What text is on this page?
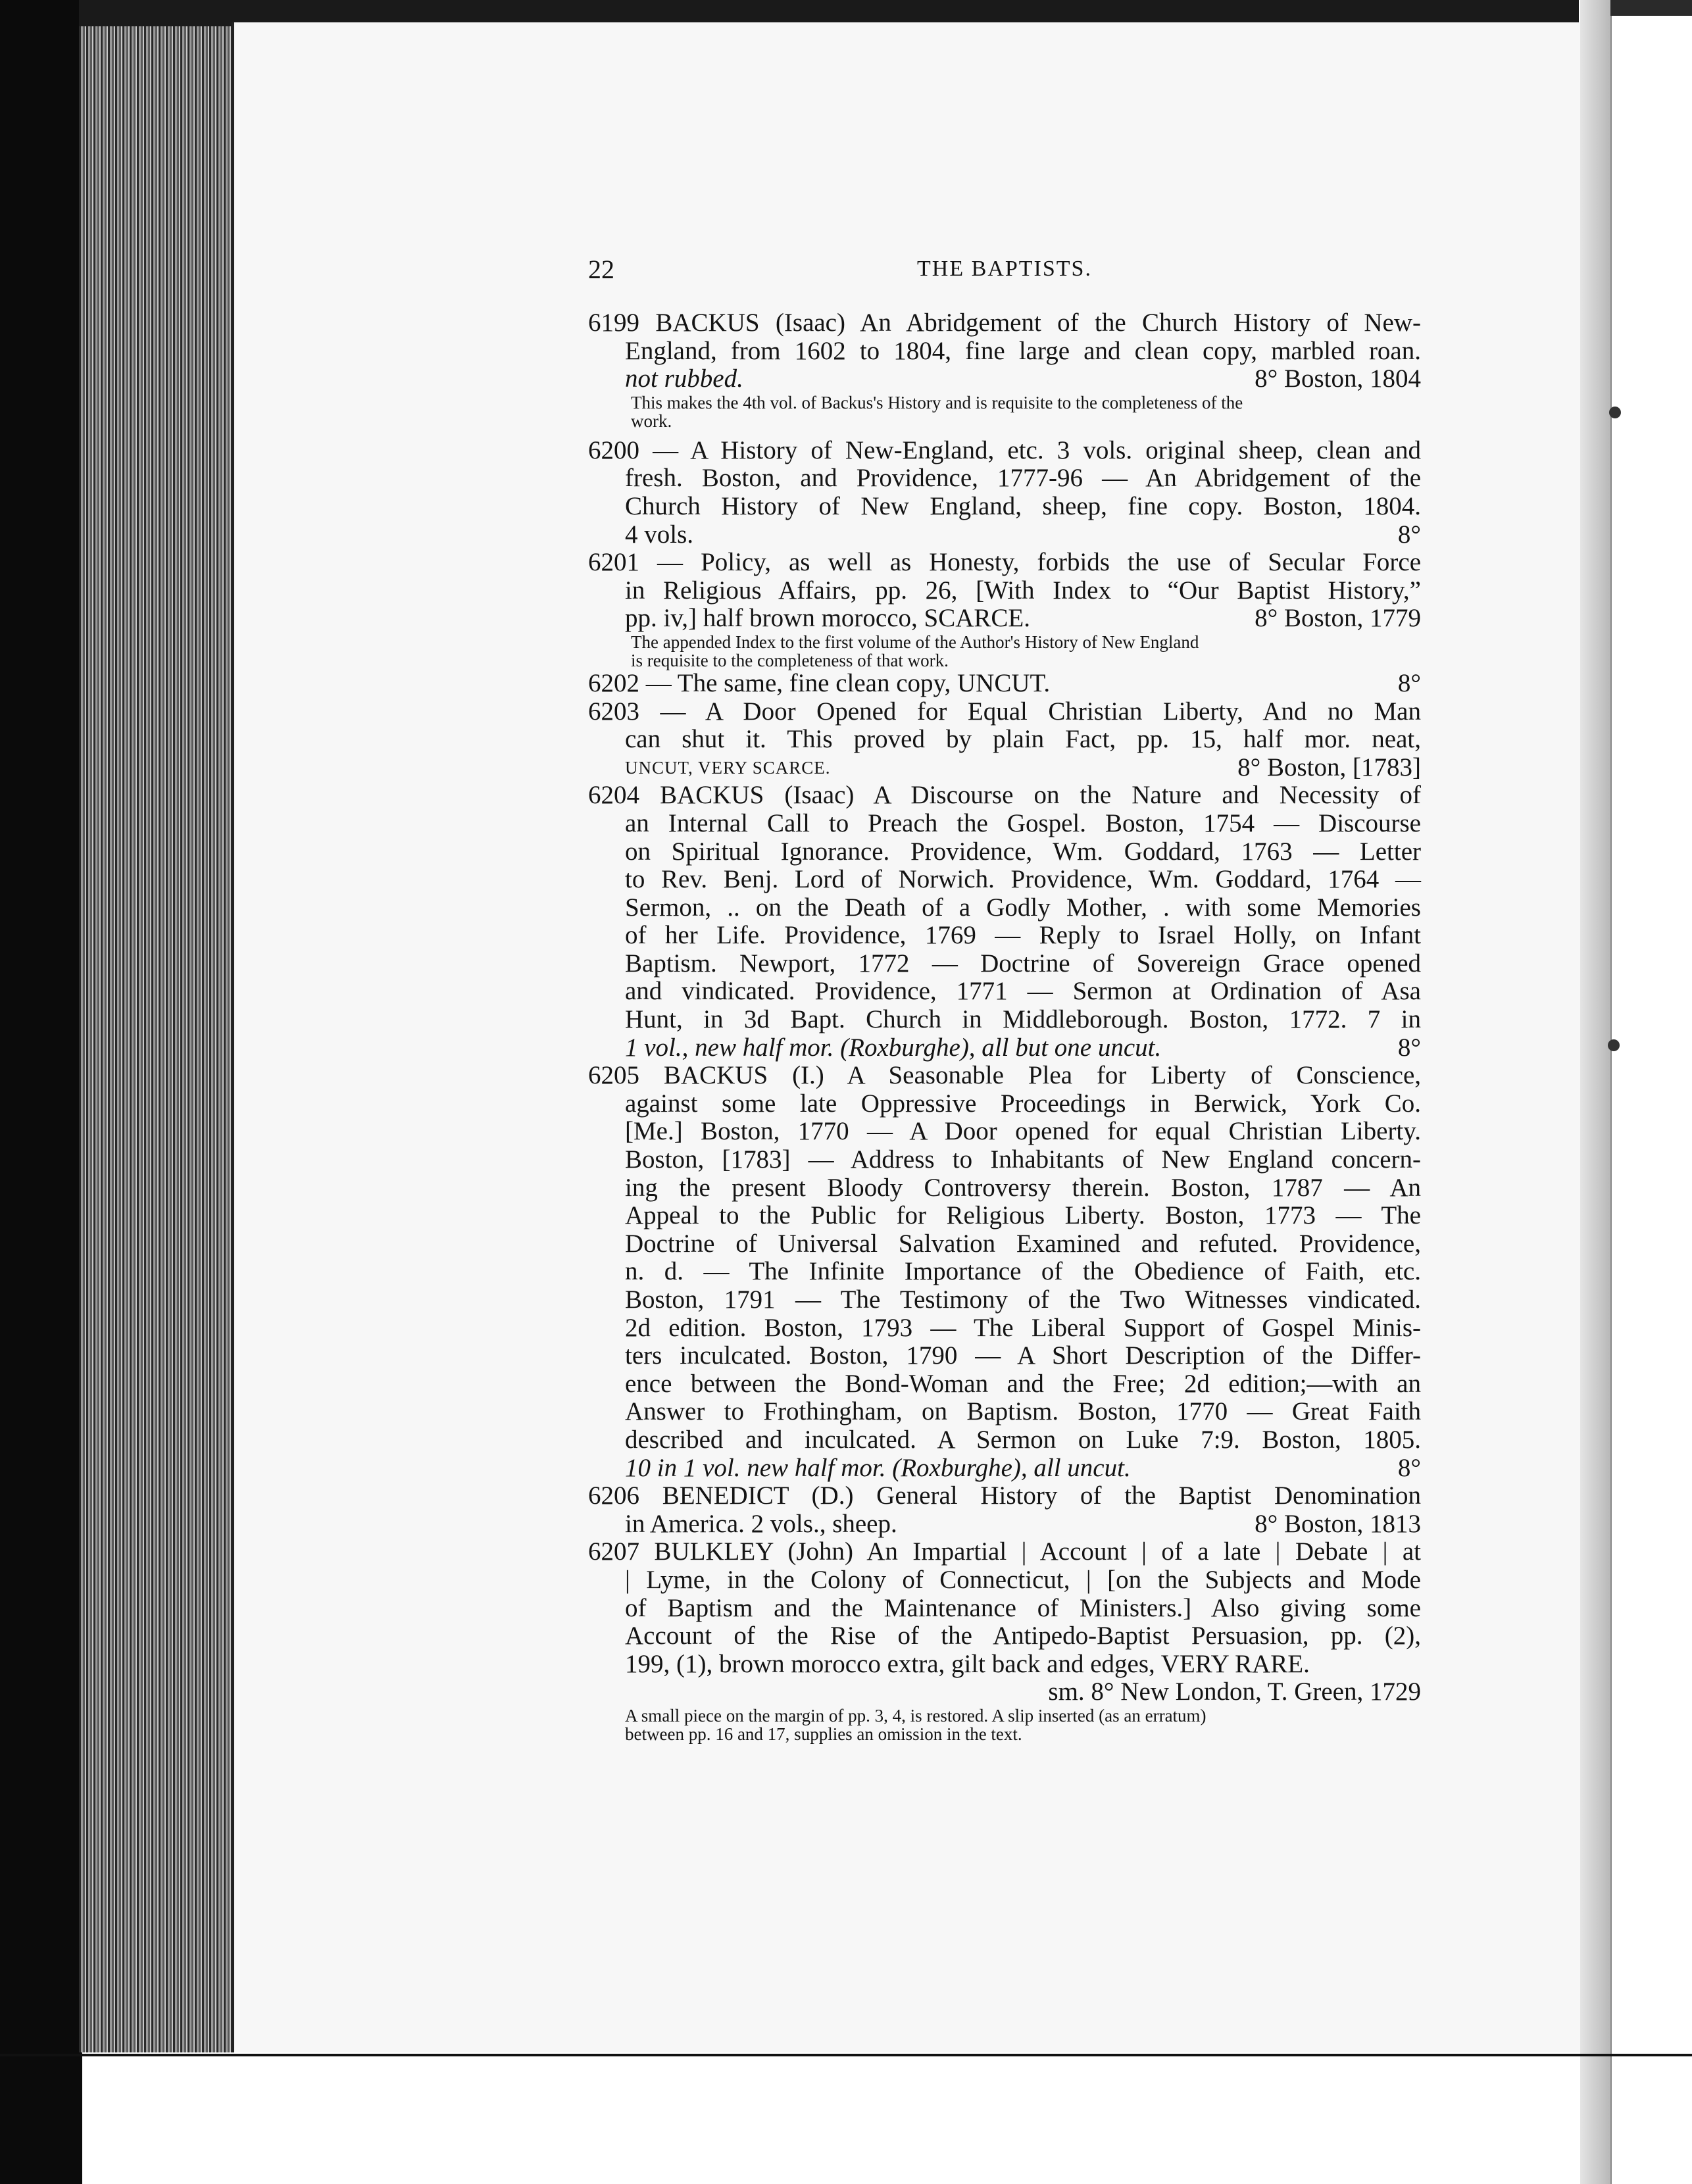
22	THE BAPTISTS.
6199 BACKUS (Isaac) An Abridgement of the Church History of New-
England, from 1602 to 1804, fine large and clean copy, marbled roan.
not rubbed.	8° Boston, 1804
This makes the 4th vol. of Backus's History and is requisite to the completeness of the
work.
6200 — A History of New-England, etc. 3 vols. original sheep, clean and
fresh. Boston, and Providence, 1777-96 — An Abridgement of the
Church History of New England, sheep, fine copy. Boston, 1804.
4 vols.	8°
6201 — Policy, as well as Honesty, forbids the use of Secular Force
in Religious Affairs, pp. 26, [With Index to “Our Baptist History,”
pp. iv,] half brown morocco, SCARCE.	8° Boston, 1779
The appended Index to the first volume of the Author's History of New England
is requisite to the completeness of that work.
6202 — The same, fine clean copy, UNCUT.	8°
6203 — A Door Opened for Equal Christian Liberty, And no Man
can shut it. This proved by plain Fact, pp. 15, half mor. neat,
UNCUT, VERY SCARCE.	8° Boston, [1783]
6204 BACKUS (Isaac) A Discourse on the Nature and Necessity of
an Internal Call to Preach the Gospel. Boston, 1754 — Discourse
on Spiritual Ignorance. Providence, Wm. Goddard, 1763 — Letter
to Rev. Benj. Lord of Norwich. Providence, Wm. Goddard, 1764 —
Sermon, .. on the Death of a Godly Mother, . with some Memories
of her Life. Providence, 1769 — Reply to Israel Holly, on Infant
Baptism. Newport, 1772 — Doctrine of Sovereign Grace opened
and vindicated. Providence, 1771 — Sermon at Ordination of Asa
Hunt, in 3d Bapt. Church in Middleborough. Boston, 1772. 7 in
1 vol., new half mor. (Roxburghe), all but one uncut.	8°
6205 BACKUS (I.) A Seasonable Plea for Liberty of Conscience,
against some late Oppressive Proceedings in Berwick, York Co.
[Me.] Boston, 1770 — A Door opened for equal Christian Liberty.
Boston, [1783] — Address to Inhabitants of New England concern-
ing the present Bloody Controversy therein. Boston, 1787 — An
Appeal to the Public for Religious Liberty. Boston, 1773 — The
Doctrine of Universal Salvation Examined and refuted. Providence,
n. d. — The Infinite Importance of the Obedience of Faith, etc.
Boston, 1791 — The Testimony of the Two Witnesses vindicated.
2d edition. Boston, 1793 — The Liberal Support of Gospel Minis-
ters inculcated. Boston, 1790 — A Short Description of the Differ-
ence between the Bond-Woman and the Free; 2d edition;—with an
Answer to Frothingham, on Baptism. Boston, 1770 — Great Faith
described and inculcated. A Sermon on Luke 7:9. Boston, 1805.
10 in 1 vol. new half mor. (Roxburghe), all uncut.	8°
6206 BENEDICT (D.) General History of the Baptist Denomination
in America. 2 vols., sheep.	8° Boston, 1813
6207 BULKLEY (John) An Impartial | Account | of a late | Debate | at
| Lyme, in the Colony of Connecticut, | [on the Subjects and Mode
of Baptism and the Maintenance of Ministers.] Also giving some
Account of the Rise of the Antipedo-Baptist Persuasion, pp. (2),
199, (1), brown morocco extra, gilt back and edges, VERY RARE.
sm. 8° New London, T. Green, 1729
A small piece on the margin of pp. 3, 4, is restored. A slip inserted (as an erratum)
between pp. 16 and 17, supplies an omission in the text.
